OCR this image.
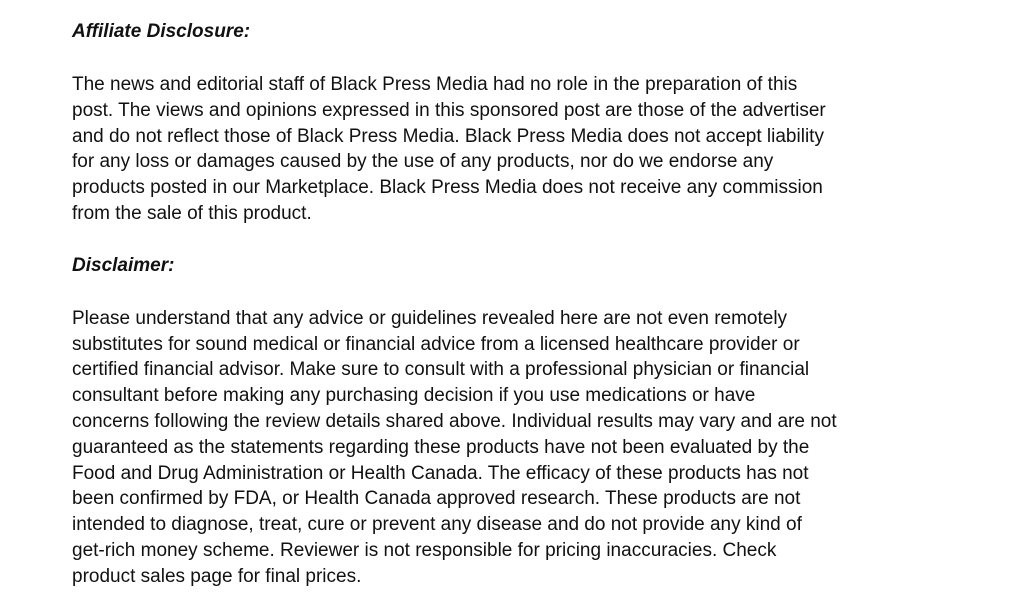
Affiliate Disclosure:

The news and editorial staff of Black Press Media had no role in the preparation of this
post. The views and opinions expressed in this sponsored post are those of the advertiser
and do not reflect those of Black Press Media. Black Press Media does not accept liability
for any loss or damages caused by the use of any products, nor do we endorse any
products posted in our Marketplace. Black Press Media does not receive any commission
from the sale of this product.

Disclaimer:

Please understand that any advice or guidelines revealed here are not even remotely
substitutes for sound medical or financial advice from a licensed healthcare provider or
certified financial advisor. Make sure to consult with a professional physician or financial
consultant before making any purchasing decision if you use medications or have
concerns following the review details shared above. Individual results may vary and are not
guaranteed as the statements regarding these products have not been evaluated by the
Food and Drug Administration or Health Canada. The efficacy of these products has not
been confirmed by FDA, or Health Canada approved research. These products are not
intended to diagnose, treat, cure or prevent any disease and do not provide any kind of
get-rich money scheme. Reviewer is not responsible for pricing inaccuracies. Check
product sales page for final prices.
